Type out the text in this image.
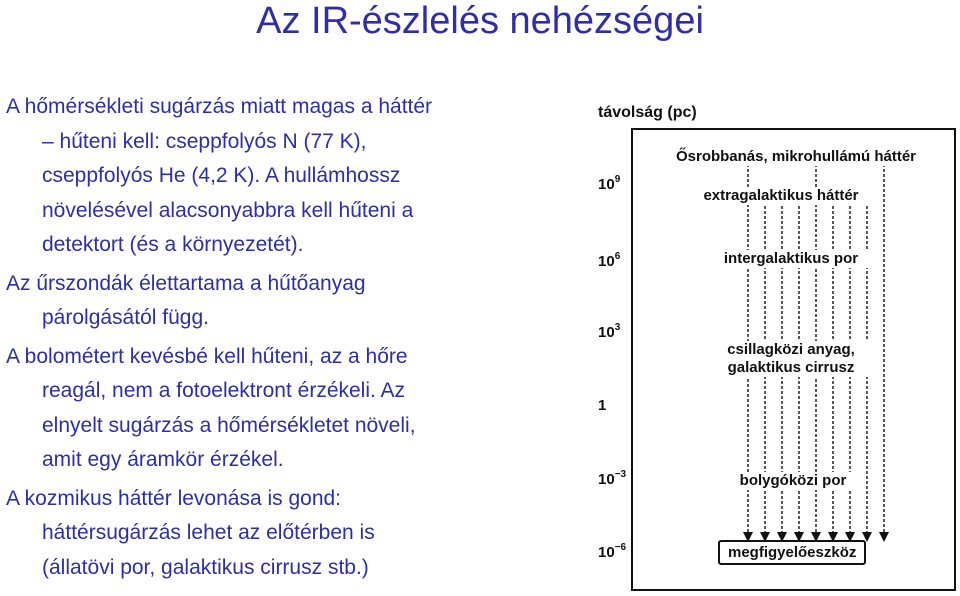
Az IR-észlelés nehézségei
A hőmérsékleti sugárzás miatt magas a háttér
– hűteni kell: cseppfolyós N (77 K),
cseppfolyós He (4,2 K). A hullámhossz
növelésével alacsonyabbra kell hűteni a
detektort (és a környezetét).
Az űrszondák élettartama a hűtőanyag
párolgásától függ.
A bolométert kevésbé kell hűteni, az a hőre
reagál, nem a fotoelektront érzékeli. Az
elnyelt sugárzás a hőmérsékletet növeli,
amit egy áramkör érzékel.
A kozmikus háttér levonása is gond:
háttérsugárzás lehet az előtérben is
(állatövi por, galaktikus cirrusz stb.)
távolság (pc)
$10^9$
$10^6$
$10^3$
1
$10^{-3}$
$10^{-6}$
Ősrobbanás, mikrohullámú háttér
extragalaktikus háttér
intergalaktikus por
csillagközi anyag,
galaktikus cirrusz
bolygóközi por
megfigyelőeszköz
